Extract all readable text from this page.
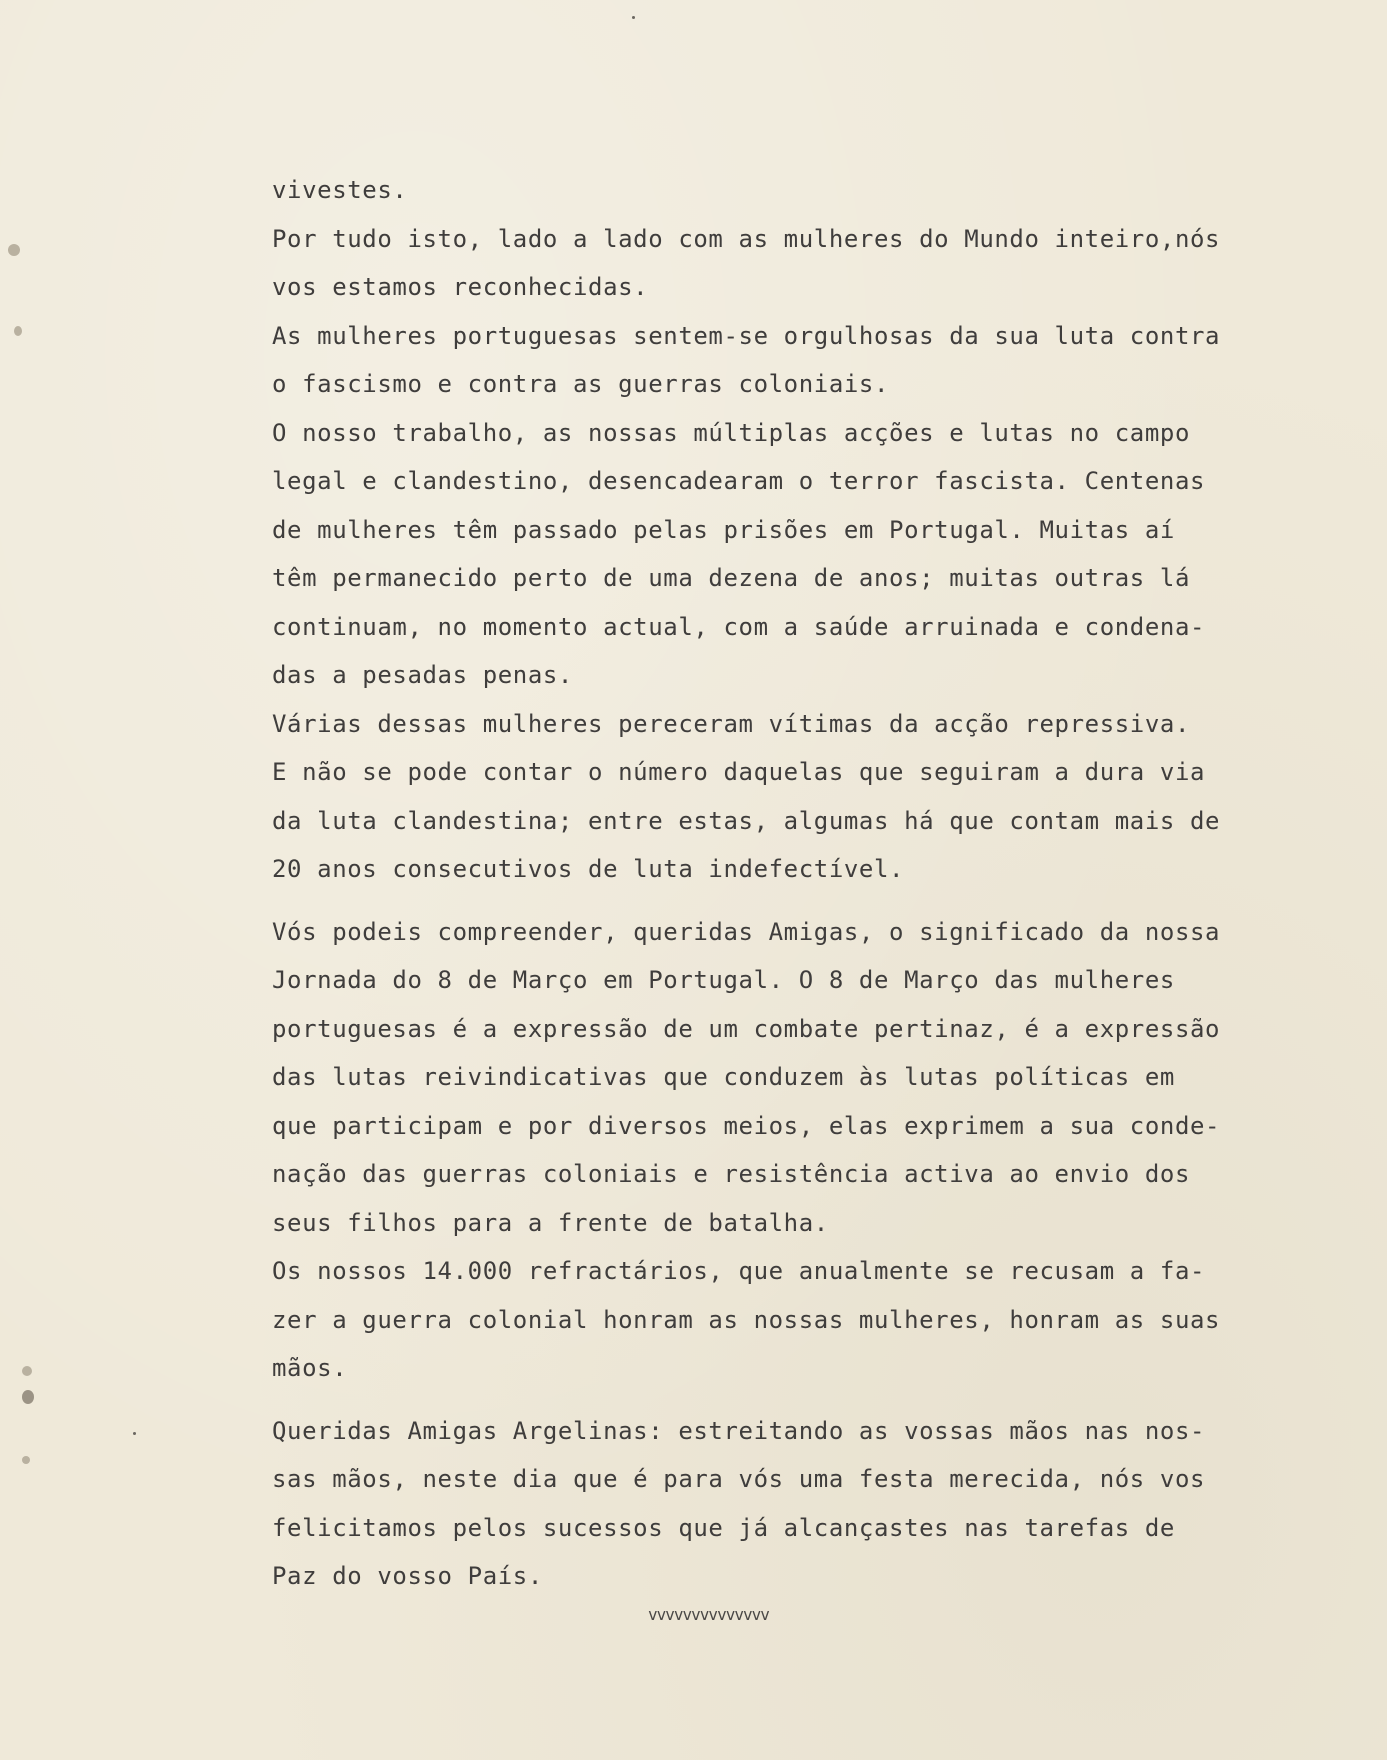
vivestes.
Por tudo isto, lado a lado com as mulheres do Mundo inteiro,nós
vos estamos reconhecidas.
As mulheres portuguesas sentem-se orgulhosas da sua luta contra
o fascismo e contra as guerras coloniais.
O nosso trabalho, as nossas múltiplas acções e lutas no campo
legal e clandestino, desencadearam o terror fascista. Centenas
de mulheres têm passado pelas prisões em Portugal. Muitas aí
têm permanecido perto de uma dezena de anos; muitas outras lá
continuam, no momento actual, com a saúde arruinada e condena-
das a pesadas penas.
Várias dessas mulheres pereceram vítimas da acção repressiva.
E não se pode contar o número daquelas que seguiram a dura via
da luta clandestina; entre estas, algumas há que contam mais de
20 anos consecutivos de luta indefectível.
Vós podeis compreender, queridas Amigas, o significado da nossa
Jornada do 8 de Março em Portugal. O 8 de Março das mulheres
portuguesas é a expressão de um combate pertinaz, é a expressão
das lutas reivindicativas que conduzem às lutas políticas em
que participam e por diversos meios, elas exprimem a sua conde-
nação das guerras coloniais e resistência activa ao envio dos
seus filhos para a frente de batalha.
Os nossos 14.000 refractários, que anualmente se recusam a fa-
zer a guerra colonial honram as nossas mulheres, honram as suas
mãos.
Queridas Amigas Argelinas: estreitando as vossas mãos nas nos-
sas mãos, neste dia que é para vós uma festa merecida, nós vos
felicitamos pelos sucessos que já alcançastes nas tarefas de
Paz do vosso País.
vvvvvvvvvvvvvv
